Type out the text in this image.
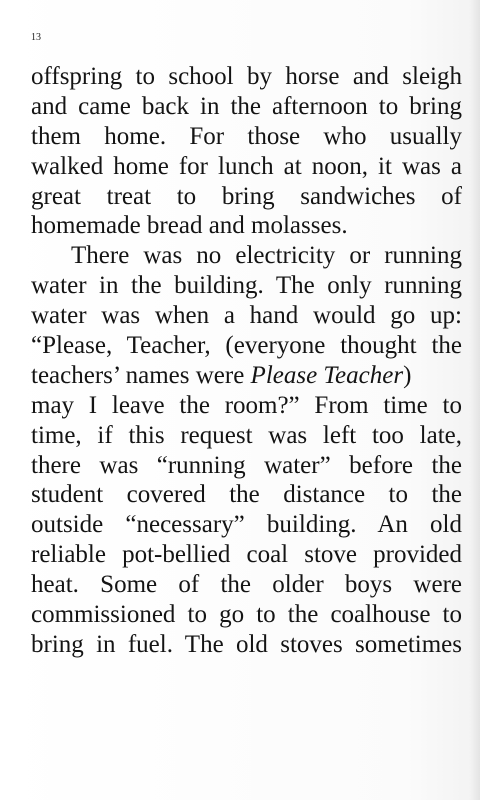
13
offspring to school by horse and sleigh
and came back in the afternoon to bring
them home. For those who usually
walked home for lunch at noon, it was a
great treat to bring sandwiches of
homemade bread and molasses.
There was no electricity or running
water in the building. The only running
water was when a hand would go up:
“Please, Teacher, (everyone thought the
teachers’ names were Please Teacher)
may I leave the room?” From time to
time, if this request was left too late,
there was “running water” before the
student covered the distance to the
outside “necessary” building. An old
reliable pot-bellied coal stove provided
heat. Some of the older boys were
commissioned to go to the coalhouse to
bring in fuel. The old stoves sometimes
